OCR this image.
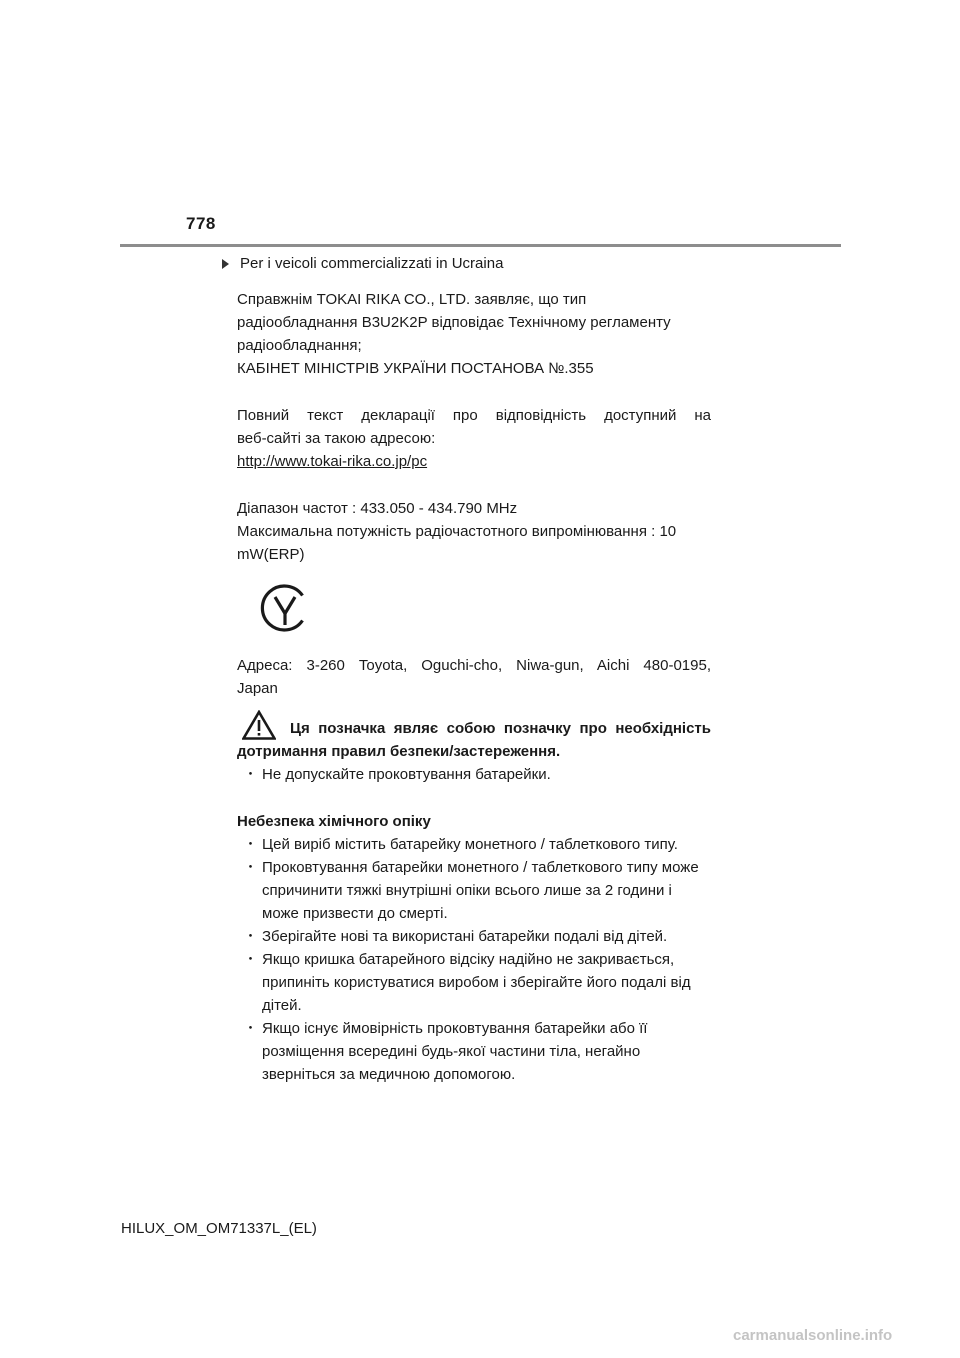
778
Per i veicoli commercializzati in Ucraina

Справжнім TOKAI RIKA CO., LTD. заявляє, що тип

радіообладнання B3U2K2P відповідає Технічному регламенту

радіообладнання;

КАБІНЕТ МІНІСТРІВ УКРАЇНИ ПОСТАНОВА №.355

Повний текст декларації про відповідність доступний на

веб-сайті за такою адресою:

http://www.tokai-rika.co.jp/pc

Діапазон частот : 433.050 - 434.790 MHz

Максимальна потужність радіочастотного випромінювання : 10

mW(ERP)

Адреса: 3-260 Toyota, Oguchi-cho, Niwa-gun, Aichi 480-0195,

Japan

Ця позначка являє собою позначку про необхідність

дотримання правил безпеки/застереження.

・ Не допускайте проковтування батарейки.

Небезпека хімічного опіку

・ Цей виріб містить батарейку монетного / таблеткового типу.
・ Проковтування батарейки монетного / таблеткового типу може
спричинити тяжкі внутрішні опіки всього лише за 2 години і
може призвести до смерті.
・ Зберігайте нові та використані батарейки подалі від дітей.
・ Якщо кришка батарейного відсіку надійно не закривається,
припиніть користуватися виробом і зберігайте його подалі від
дітей.
・ Якщо існує ймовірність проковтування батарейки або її
розміщення всередині будь-якої частини тіла, негайно
зверніться за медичною допомогою.
HILUX_OM_OM71337L_(EL)
carmanualsonline.info
